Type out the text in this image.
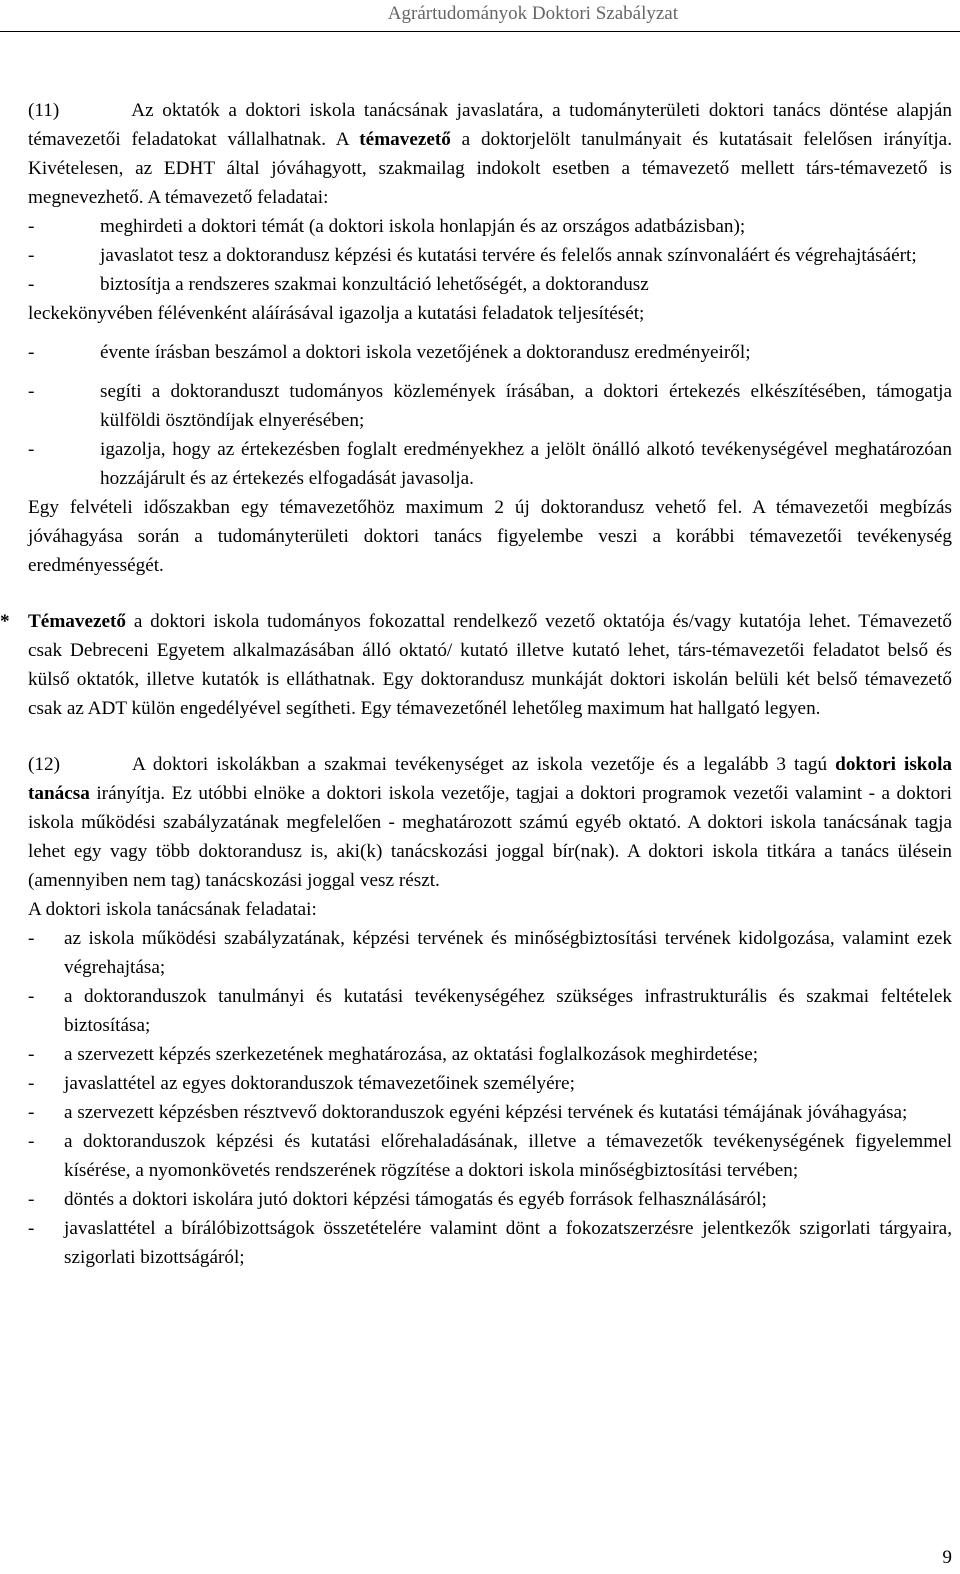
Agrártudományok Doktori Szabályzat

(11)	Az oktatók a doktori iskola tanácsának javaslatára, a tudományterületi doktori tanács döntése alapján témavezetői feladatokat vállalhatnak. A témavezető a doktorjelölt tanulmányait és kutatásait felelősen irányítja. Kivételesen, az EDHT által jóváhagyott, szakmailag indokolt esetben a témavezető mellett társ-témavezető is megnevezhető. A témavezető feladatai:

-	meghirdeti a doktori témát (a doktori iskola honlapján és az országos adatbázisban);
-	javaslatot tesz a doktorandusz képzési és kutatási tervére és felelős annak színvonaláért és végrehajtásáért;
-	biztosítja a rendszeres szakmai konzultáció lehetőségét, a doktorandusz

leckekönyvében félévenként aláírásával igazolja a kutatási feladatok teljesítését;

-	évente írásban beszámol a doktori iskola vezetőjének a doktorandusz eredményeiről;
-	segíti a doktoranduszt tudományos közlemények írásában, a doktori értekezés elkészítésében, támogatja külföldi ösztöndíjak elnyerésében;
-	igazolja, hogy az értekezésben foglalt eredményekhez a jelölt önálló alkotó tevékenységével meghatározóan hozzájárult és az értekezés elfogadását javasolja.

Egy felvételi időszakban egy témavezetőhöz maximum 2 új doktorandusz vehető fel. A témavezetői megbízás jóváhagyása során a tudományterületi doktori tanács figyelembe veszi a korábbi témavezetői tevékenység eredményességét.

* Témavezető a doktori iskola tudományos fokozattal rendelkező vezető oktatója és/vagy kutatója lehet. Témavezető csak Debreceni Egyetem alkalmazásában álló oktató/ kutató illetve kutató lehet, társ-témavezetői feladatot belső és külső oktatók, illetve kutatók is elláthatnak. Egy doktorandusz munkáját doktori iskolán belüli két belső témavezető csak az ADT külön engedélyével segítheti. Egy témavezetőnél lehetőleg maximum hat hallgató legyen.

(12)	A doktori iskolákban a szakmai tevékenységet az iskola vezetője és a legalább 3 tagú doktori iskola tanácsa irányítja. Ez utóbbi elnöke a doktori iskola vezetője, tagjai a doktori programok vezetői valamint - a doktori iskola működési szabályzatának megfelelően - meghatározott számú egyéb oktató. A doktori iskola tanácsának tagja lehet egy vagy több doktorandusz is, aki(k) tanácskozási joggal bír(nak). A doktori iskola titkára a tanács ülésein (amennyiben nem tag) tanácskozási joggal vesz részt.

A doktori iskola tanácsának feladatai:

-	az iskola működési szabályzatának, képzési tervének és minőségbiztosítási tervének kidolgozása, valamint ezek végrehajtása;
-	a doktoranduszok tanulmányi és kutatási tevékenységéhez szükséges infrastrukturális és szakmai feltételek biztosítása;
-	a szervezett képzés szerkezetének meghatározása, az oktatási foglalkozások meghirdetése;
-	javaslattétel az egyes doktoranduszok témavezetőinek személyére;
-	a szervezett képzésben résztvevő doktoranduszok egyéni képzési tervének és kutatási témájának jóváhagyása;
-	a doktoranduszok képzési és kutatási előrehaladásának, illetve a témavezetők tevékenységének figyelemmel kísérése, a nyomonkövetés rendszerének rögzítése a doktori iskola minőségbiztosítási tervében;
-	döntés a doktori iskolára jutó doktori képzési támogatás és egyéb források felhasználásáról;
-	javaslattétel a bírálóbizottságok összetételére valamint dönt a fokozatszerzésre jelentkezők szigorlati tárgyaira, szigorlati bizottságáról;
9
